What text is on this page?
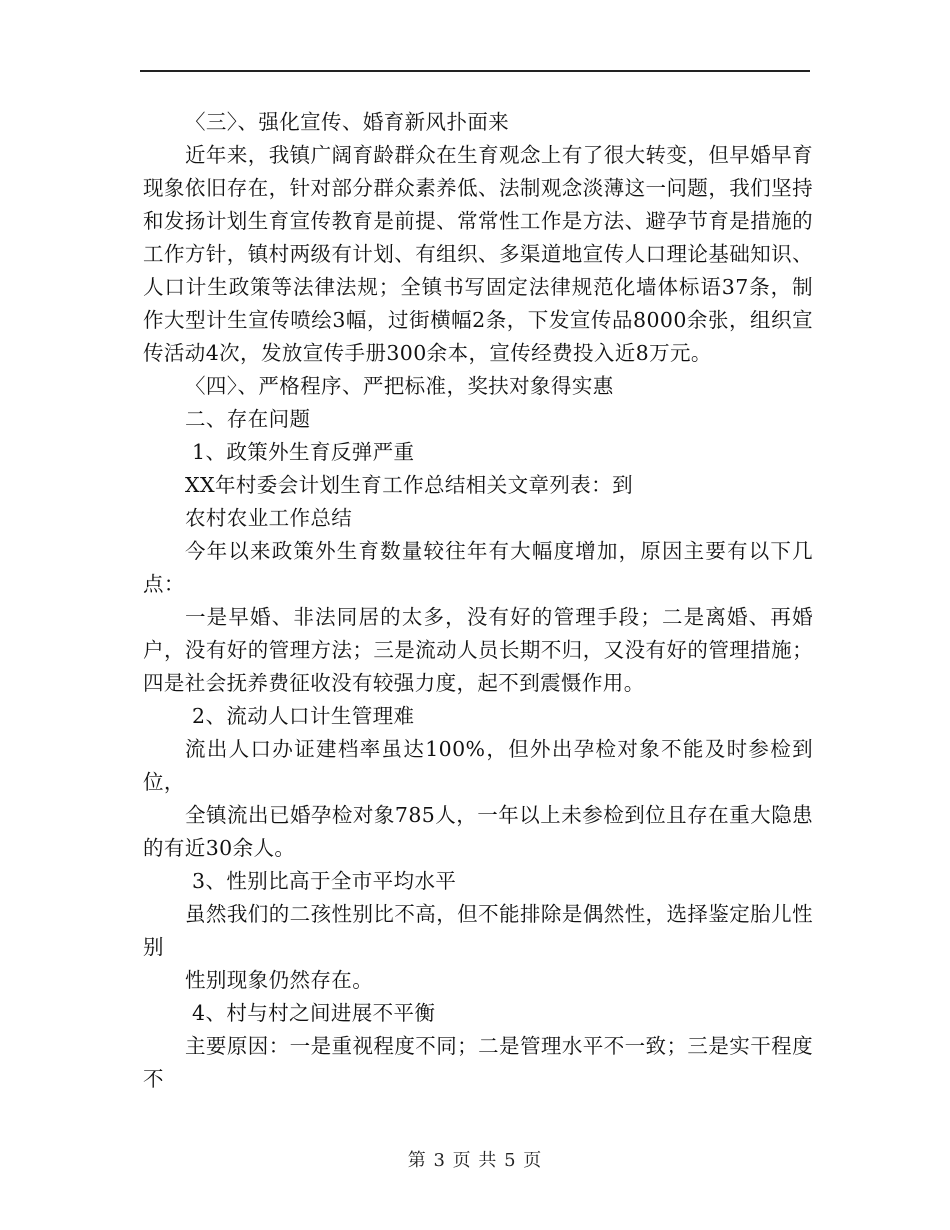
〈三〉、强化宣传、婚育新风扑面来

近年来，我镇广阔育龄群众在生育观念上有了很大转变，但早婚早育现象依旧存在，针对部分群众素养低、法制观念淡薄这一问题，我们坚持和发扬计划生育宣传教育是前提、常常性工作是方法、避孕节育是措施的工作方针，镇村两级有计划、有组织、多渠道地宣传人口理论基础知识、人口计生政策等法律法规；全镇书写固定法律规范化墙体标语37条，制作大型计生宣传喷绘3幅，过街横幅2条，下发宣传品8000余张，组织宣传活动4次，发放宣传手册300余本，宣传经费投入近8万元。

〈四〉、严格程序、严把标准，奖扶对象得实惠

二、存在问题

1、政策外生育反弹严重

XX年村委会计划生育工作总结相关文章列表：到

农村农业工作总结

今年以来政策外生育数量较往年有大幅度增加，原因主要有以下几点：

一是早婚、非法同居的太多，没有好的管理手段；二是离婚、再婚户，没有好的管理方法；三是流动人员长期不归，又没有好的管理措施；四是社会抚养费征收没有较强力度，起不到震慑作用。

2、流动人口计生管理难

流出人口办证建档率虽达100%，但外出孕检对象不能及时参检到位，

全镇流出已婚孕检对象785人，一年以上未参检到位且存在重大隐患的有近30余人。

3、性别比高于全市平均水平

虽然我们的二孩性别比不高，但不能排除是偶然性，选择鉴定胎儿性别

性别现象仍然存在。

4、村与村之间进展不平衡

主要原因：一是重视程度不同；二是管理水平不一致；三是实干程度不

第 3 页 共 5 页
